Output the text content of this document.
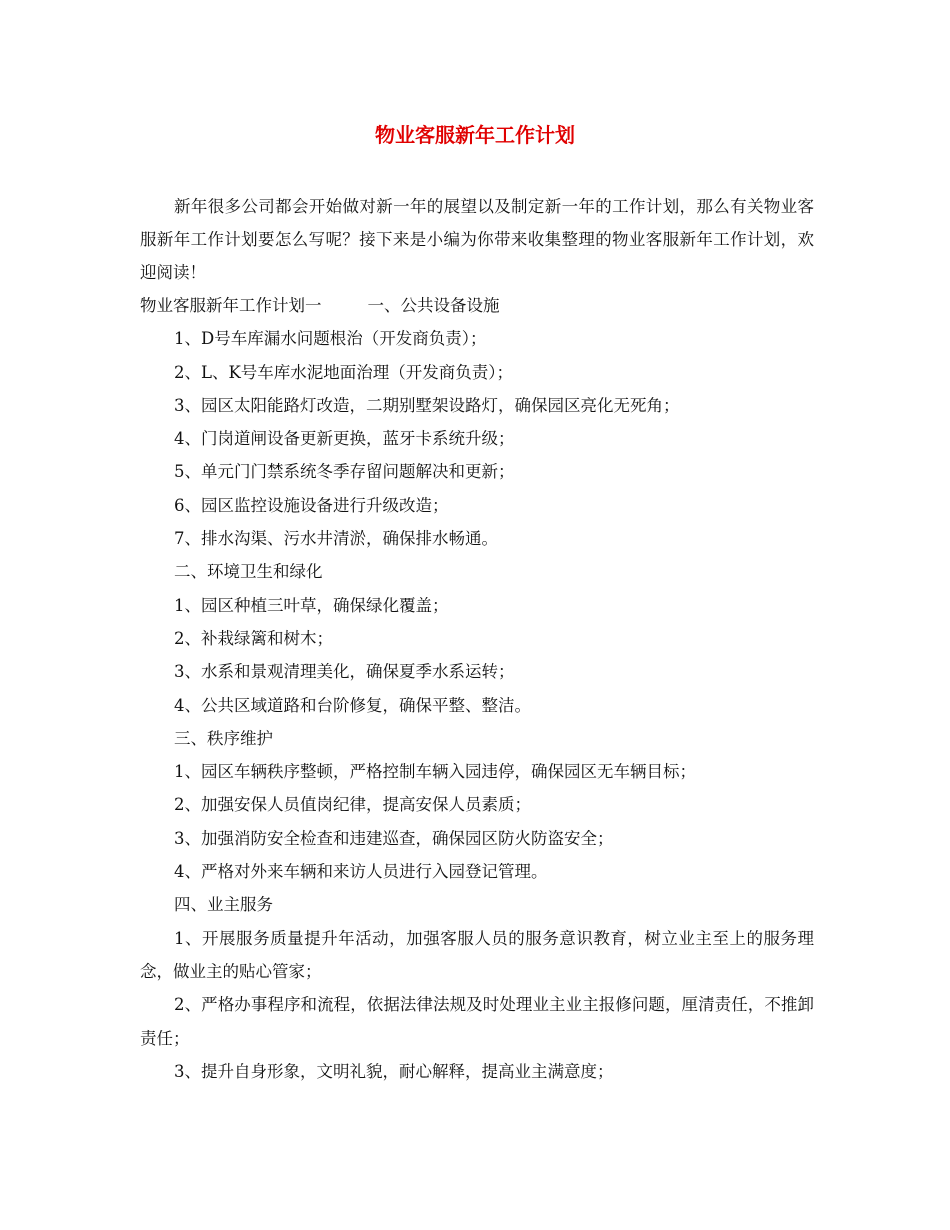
物业客服新年工作计划

新年很多公司都会开始做对新一年的展望以及制定新一年的工作计划，那么有关物业客服新年工作计划要怎么写呢？接下来是小编为你带来收集整理的物业客服新年工作计划，欢迎阅读！

物业客服新年工作计划一	一、公共设备设施
1、D号车库漏水问题根治（开发商负责）；
2、L、K号车库水泥地面治理（开发商负责）；
3、园区太阳能路灯改造，二期别墅架设路灯，确保园区亮化无死角；
4、门岗道闸设备更新更换，蓝牙卡系统升级；
5、单元门门禁系统冬季存留问题解决和更新；
6、园区监控设施设备进行升级改造；
7、排水沟渠、污水井清淤，确保排水畅通。
二、环境卫生和绿化
1、园区种植三叶草，确保绿化覆盖；
2、补栽绿篱和树木；
3、水系和景观清理美化，确保夏季水系运转；
4、公共区域道路和台阶修复，确保平整、整洁。
三、秩序维护
1、园区车辆秩序整顿，严格控制车辆入园违停，确保园区无车辆目标；
2、加强安保人员值岗纪律，提高安保人员素质；
3、加强消防安全检查和违建巡查，确保园区防火防盗安全；
4、严格对外来车辆和来访人员进行入园登记管理。
四、业主服务
1、开展服务质量提升年活动，加强客服人员的服务意识教育，树立业主至上的服务理念，做业主的贴心管家；
2、严格办事程序和流程，依据法律法规及时处理业主业主报修问题，厘清责任，不推卸责任；
3、提升自身形象，文明礼貌，耐心解释，提高业主满意度；
